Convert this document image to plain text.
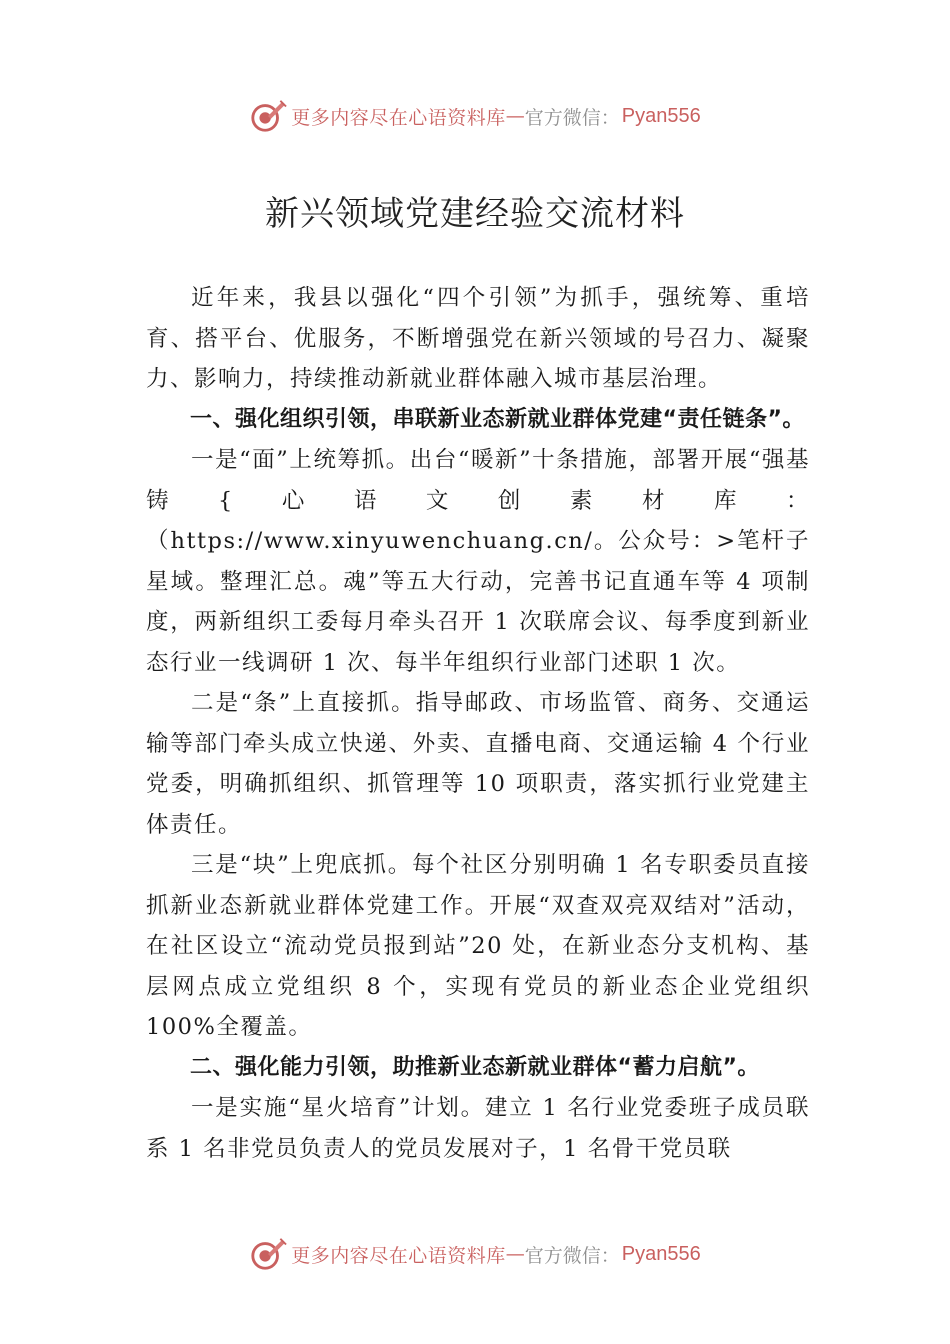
更多内容尽在心语资料库 — 官方微信： Pyan556
新兴领域党建经验交流材料

近年来，我县以强化“四个引领”为抓手，强统筹、重培育、搭平台、优服务，不断增强党在新兴领域的号召力、凝聚力、影响力，持续推动新就业群体融入城市基层治理。

一、强化组织引领，串联新业态新就业群体党建“责任链条”。

一是“面”上统筹抓。出台“暖新”十条措施，部署开展“强基铸{心语文创素材库：（https://www.xinyuwenchuang.cn/。公众号：>笔杆子星域。整理汇总。魂”等五大行动，完善书记直通车等 4 项制度，两新组织工委每月牵头召开 1 次联席会议、每季度到新业态行业一线调研 1 次、每半年组织行业部门述职 1 次。

二是“条”上直接抓。指导邮政、市场监管、商务、交通运输等部门牵头成立快递、外卖、直播电商、交通运输 4 个行业党委，明确抓组织、抓管理等 10 项职责，落实抓行业党建主体责任。

三是“块”上兜底抓。每个社区分别明确 1 名专职委员直接抓新业态新就业群体党建工作。开展“双查双亮双结对”活动，在社区设立“流动党员报到站”20 处，在新业态分支机构、基层网点成立党组织 8 个，实现有党员的新业态企业党组织 100%全覆盖。

二、强化能力引领，助推新业态新就业群体“蓄力启航”。

一是实施“星火培育”计划。建立 1 名行业党委班子成员联系 1 名非党员负责人的党员发展对子，1 名骨干党员联

更多内容尽在心语资料库 — 官方微信： Pyan556
